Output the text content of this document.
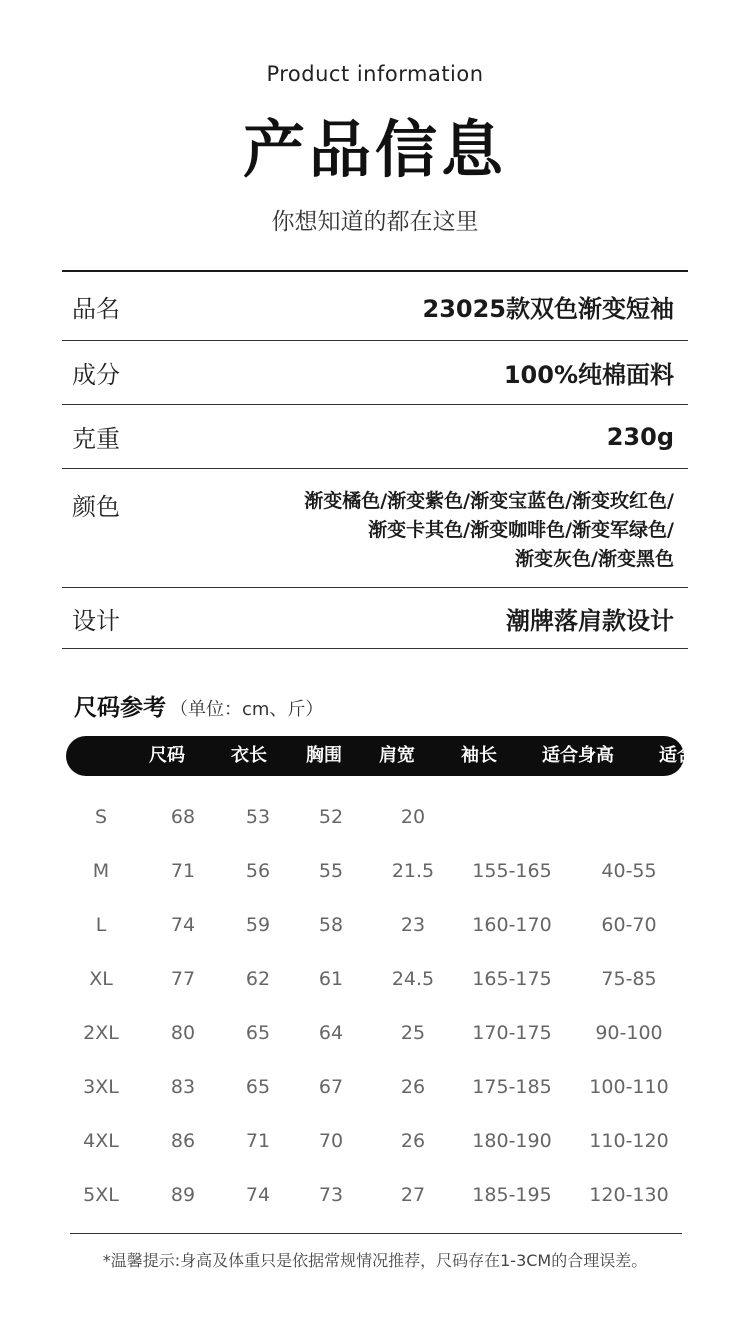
Product information
产品信息
你想知道的都在这里
品名	23025款双色渐变短袖
成分	100%纯棉面料
克重	230g
颜色	渐变橘色/渐变紫色/渐变宝蓝色/渐变玫红色/
渐变卡其色/渐变咖啡色/渐变军绿色/
渐变灰色/渐变黑色
设计	潮牌落肩款设计
尺码参考 （单位：cm、斤）
尺码	衣长 胸围 肩宽	袖长	适合身高	适合体重
S	68	53	52	20
M	71	56	55	21.5 155-165	40-55
L	74	59	58	23 160-170	60-70
XL	77	62	61	24.5 165-175	75-85
2XL	80	65	64	25 170-175 90-100
3XL	83	65	67	26 175-185 100-110
4XL	86	71	70	26 180-190 110-120
5XL	89	74	73	27 185-195 120-130
*温馨提示:身高及体重只是依据常规情况推荐，尺码存在1-3CM的合理误差。
